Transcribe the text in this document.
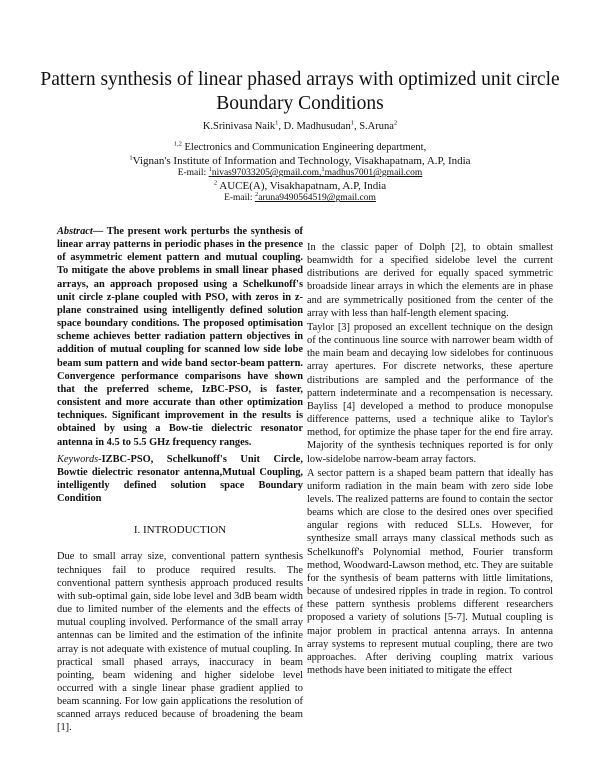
Pattern synthesis of linear phased arrays with optimized unit circle Boundary Conditions
K.Srinivasa Naik$^1$, D. Madhusudan$^1$, S.Aruna$^2$
$^{1,2}$ Electronics and Communication Engineering department,
$^1$Vignan's Institute of Information and Technology, Visakhapatnam, A.P, India
E-mail: $^1$nivas97033205@gmail.com,$^1$madhus7001@gmail.com
$^2$ AUCE(A), Visakhapatnam, A.P, India
E-mail: $^2$aruna9490564519@gmail.com

Abstract— The present work perturbs the synthesis of linear array patterns in periodic phases in the presence of asymmetric element pattern and mutual coupling. To mitigate the above problems in small linear phased arrays, an approach proposed using a Schelkunoff's unit circle z-plane coupled with PSO, with zeros in z-plane constrained using intelligently defined solution space boundary conditions. The proposed optimisation scheme achieves better radiation pattern objectives in addition of mutual coupling for scanned low side lobe beam sum pattern and wide band sector-beam pattern. Convergence performance comparisons have shown that the preferred scheme, IzBC-PSO, is faster, consistent and more accurate than other optimization techniques. Significant improvement in the results is obtained by using a Bow-tie dielectric resonator antenna in 4.5 to 5.5 GHz frequency ranges.

Keywords-IZBC-PSO, Schelkunoff's Unit Circle, Bowtie dielectric resonator antenna,Mutual Coupling, intelligently defined solution space Boundary Condition

I. INTRODUCTION

Due to small array size, conventional pattern synthesis techniques fail to produce required results. The conventional pattern synthesis approach produced results with sub-optimal gain, side lobe level and 3dB beam width due to limited number of the elements and the effects of mutual coupling involved. Performance of the small array antennas can be limited and the estimation of the infinite array is not adequate with existence of mutual coupling. In practical small phased arrays, inaccuracy in beam pointing, beam widening and higher sidelobe level occurred with a single linear phase gradient applied to beam scanning. For low gain applications the resolution of scanned arrays reduced because of broadening the beam [1].

In the classic paper of Dolph [2], to obtain smallest beamwidth for a specified sidelobe level the current distributions are derived for equally spaced symmetric broadside linear arrays in which the elements are in phase and are symmetrically positioned from the center of the array with less than half-length element spacing.

Taylor [3] proposed an excellent technique on the design of the continuous line source with narrower beam width of the main beam and decaying low sidelobes for continuous array apertures. For discrete networks, these aperture distributions are sampled and the performance of the pattern indeterminate and a recompensation is necessary. Bayliss [4] developed a method to produce monopulse difference patterns, used a technique alike to Taylor's method, for optimize the phase taper for the end fire array. Majority of the synthesis techniques reported is for only low-sidelobe narrow-beam array factors.

A sector pattern is a shaped beam pattern that ideally has uniform radiation in the main beam with zero side lobe levels. The realized patterns are found to contain the sector beams which are close to the desired ones over specified angular regions with reduced SLLs. However, for synthesize small arrays many classical methods such as Schelkunoff's Polynomial method, Fourier transform method, Woodward-Lawson method, etc. They are suitable for the synthesis of beam patterns with little limitations, because of undesired ripples in trade in region. To control these pattern synthesis problems different researchers proposed a variety of solutions [5-7]. Mutual coupling is major problem in practical antenna arrays. In antenna array systems to represent mutual coupling, there are two approaches. After deriving coupling matrix various methods have been initiated to mitigate the effect
